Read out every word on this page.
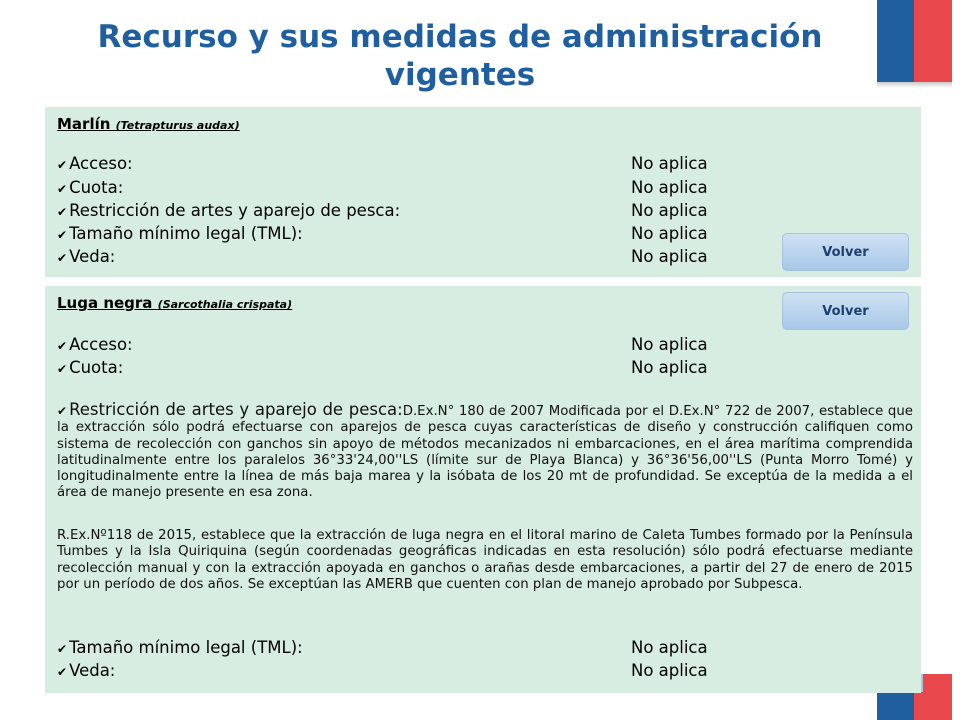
Recurso y sus medidas de administración vigentes
Marlín (Tetrapturus audax)
✔ Acceso:	No aplica
✔ Cuota:	No aplica
✔ Restricción de artes y aparejo de pesca:	No aplica
✔ Tamaño mínimo legal (TML):	No aplica
✔ Veda:	No aplica	Volver
Luga negra (Sarcothalia crispata)	Volver
✔ Acceso:	No aplica
✔ Cuota:	No aplica
✔ Restricción de artes y aparejo de pesca:D.Ex.N° 180 de 2007 Modificada por el D.Ex.N° 722 de 2007, establece que la extracción sólo podrá efectuarse con aparejos de pesca cuyas características de diseño y construcción califiquen como sistema de recolección con ganchos sin apoyo de métodos mecanizados ni embarcaciones, en el área marítima comprendida latitudinalmente entre los paralelos 36°33'24,00''LS (límite sur de Playa Blanca) y 36°36'56,00''LS (Punta Morro Tomé) y longitudinalmente entre la línea de más baja marea y la isóbata de los 20 mt de profundidad. Se exceptúa de la medida a el área de manejo presente en esa zona.
R.Ex.Nº118 de 2015, establece que la extracción de luga negra en el litoral marino de Caleta Tumbes formado por la Península Tumbes y la Isla Quiriquina (según coordenadas geográficas indicadas en esta resolución) sólo podrá efectuarse mediante recolección manual y con la extracción apoyada en ganchos o arañas desde embarcaciones, a partir del 27 de enero de 2015 por un período de dos años. Se exceptúan las AMERB que cuenten con plan de manejo aprobado por Subpesca.
✔ Tamaño mínimo legal (TML):	No aplica
✔ Veda:	No aplica
